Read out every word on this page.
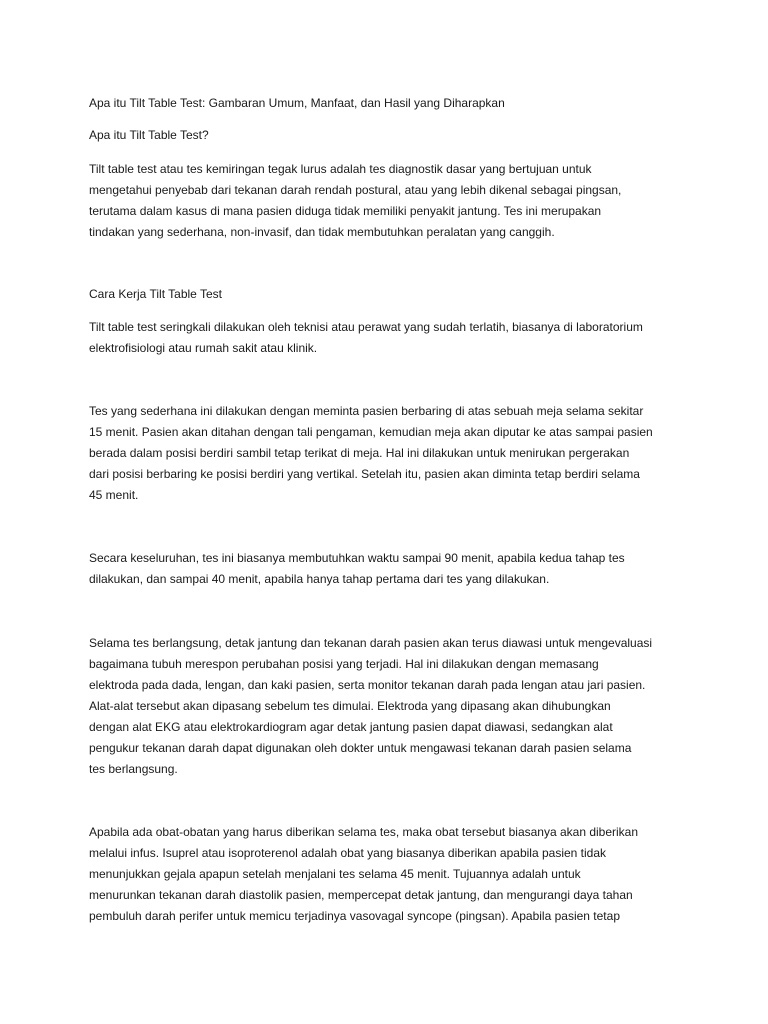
Apa itu Tilt Table Test: Gambaran Umum, Manfaat, dan Hasil yang Diharapkan

Apa itu Tilt Table Test?

Tilt table test atau tes kemiringan tegak lurus adalah tes diagnostik dasar yang bertujuan untuk

mengetahui penyebab dari tekanan darah rendah postural, atau yang lebih dikenal sebagai pingsan,

terutama dalam kasus di mana pasien diduga tidak memiliki penyakit jantung. Tes ini merupakan

tindakan yang sederhana, non-invasif, dan tidak membutuhkan peralatan yang canggih.

Cara Kerja Tilt Table Test

Tilt table test seringkali dilakukan oleh teknisi atau perawat yang sudah terlatih, biasanya di laboratorium

elektrofisiologi atau rumah sakit atau klinik.

Tes yang sederhana ini dilakukan dengan meminta pasien berbaring di atas sebuah meja selama sekitar

15 menit. Pasien akan ditahan dengan tali pengaman, kemudian meja akan diputar ke atas sampai pasien

berada dalam posisi berdiri sambil tetap terikat di meja. Hal ini dilakukan untuk menirukan pergerakan

dari posisi berbaring ke posisi berdiri yang vertikal. Setelah itu, pasien akan diminta tetap berdiri selama

45 menit.

Secara keseluruhan, tes ini biasanya membutuhkan waktu sampai 90 menit, apabila kedua tahap tes

dilakukan, dan sampai 40 menit, apabila hanya tahap pertama dari tes yang dilakukan.

Selama tes berlangsung, detak jantung dan tekanan darah pasien akan terus diawasi untuk mengevaluasi

bagaimana tubuh merespon perubahan posisi yang terjadi. Hal ini dilakukan dengan memasang

elektroda pada dada, lengan, dan kaki pasien, serta monitor tekanan darah pada lengan atau jari pasien.

Alat-alat tersebut akan dipasang sebelum tes dimulai. Elektroda yang dipasang akan dihubungkan

dengan alat EKG atau elektrokardiogram agar detak jantung pasien dapat diawasi, sedangkan alat

pengukur tekanan darah dapat digunakan oleh dokter untuk mengawasi tekanan darah pasien selama

tes berlangsung.

Apabila ada obat-obatan yang harus diberikan selama tes, maka obat tersebut biasanya akan diberikan

melalui infus. Isuprel atau isoproterenol adalah obat yang biasanya diberikan apabila pasien tidak

menunjukkan gejala apapun setelah menjalani tes selama 45 menit. Tujuannya adalah untuk

menurunkan tekanan darah diastolik pasien, mempercepat detak jantung, dan mengurangi daya tahan

pembuluh darah perifer untuk memicu terjadinya vasovagal syncope (pingsan). Apabila pasien tetap
